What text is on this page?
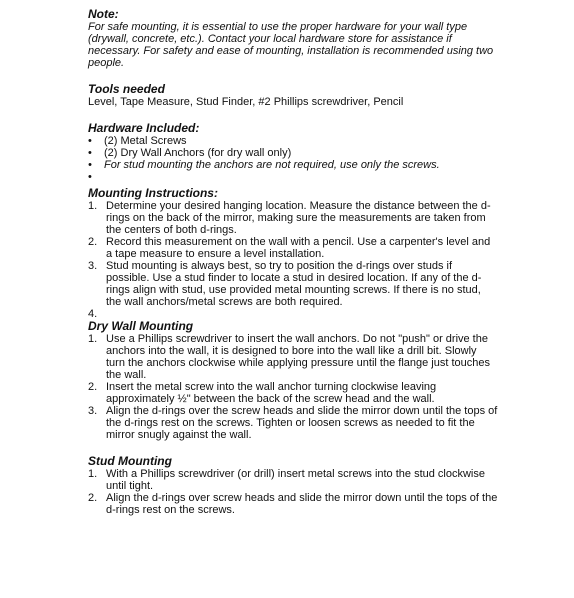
Note:

For safe mounting, it is essential to use the proper hardware for your wall type (drywall, concrete, etc.). Contact your local hardware store for assistance if necessary. For safety and ease of mounting, installation is recommended using two people.

Tools needed

Level, Tape Measure, Stud Finder, #2 Phillips screwdriver, Pencil

Hardware Included:

• (2) Metal Screws
• (2) Dry Wall Anchors (for dry wall only)
• For stud mounting the anchors are not required, use only the screws.
•

Mounting Instructions:

1. Determine your desired hanging location. Measure the distance between the d-rings on the back of the mirror, making sure the measurements are taken from the centers of both d-rings.
2. Record this measurement on the wall with a pencil. Use a carpenter's level and a tape measure to ensure a level installation.
3. Stud mounting is always best, so try to position the d-rings over studs if possible. Use a stud finder to locate a stud in desired location. If any of the d-rings align with stud, use provided metal mounting screws. If there is no stud, the wall anchors/metal screws are both required.
4.

Dry Wall Mounting

1. Use a Phillips screwdriver to insert the wall anchors. Do not "push" or drive the anchors into the wall, it is designed to bore into the wall like a drill bit. Slowly turn the anchors clockwise while applying pressure until the flange just touches the wall.
2. Insert the metal screw into the wall anchor turning clockwise leaving approximately ½" between the back of the screw head and the wall.
3. Align the d-rings over the screw heads and slide the mirror down until the tops of the d-rings rest on the screws. Tighten or loosen screws as needed to fit the mirror snugly against the wall.

Stud Mounting

1. With a Phillips screwdriver (or drill) insert metal screws into the stud clockwise until tight.
2. Align the d-rings over screw heads and slide the mirror down until the tops of the d-rings rest on the screws.
